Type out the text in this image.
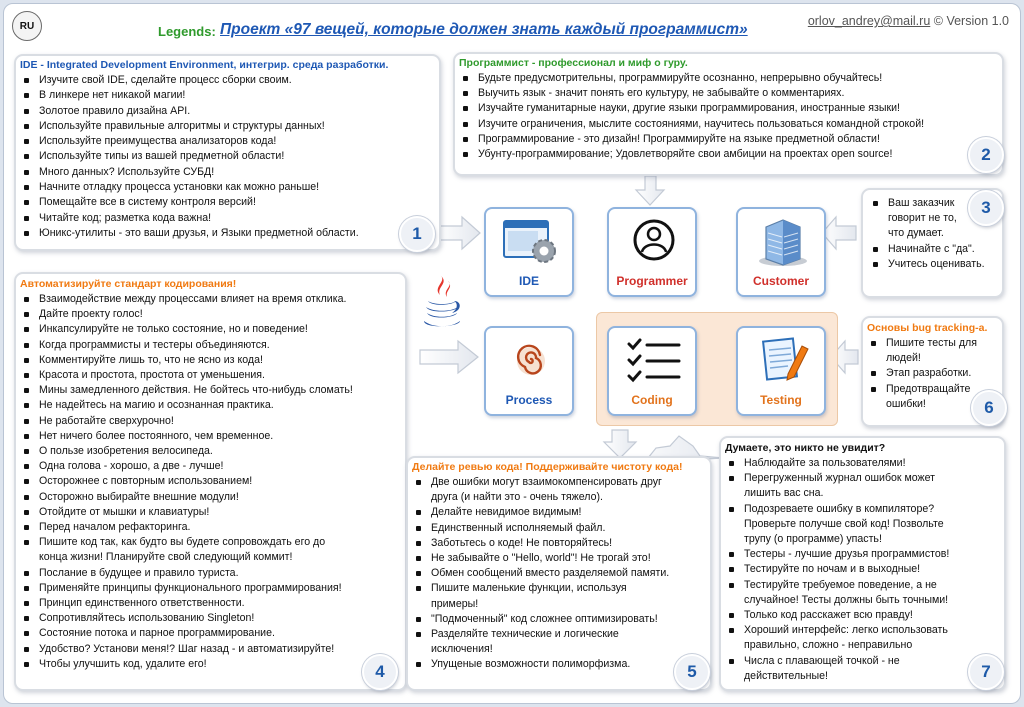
RU	Legends: Проект «97 вещей, которые должен знать каждый программист»	orlov_andrey@mail.ru © Version 1.0
IDE - Integrated Development Environment, интегрир. среда разработки.
Изучите свой IDE, сделайте процесс сборки своим.
В линкере нет никакой магии!
Золотое правило дизайна API.
Используйте правильные алгоритмы и структуры данных!
Используйте преимущества анализаторов кода!
Используйте типы из вашей предметной области!
Много данных? Используйте СУБД!
Начните отладку процесса установки как можно раньше!
Помещайте все в систему контроля версий!
Читайте код; разметка кода важна!
Юникс-утилиты - это ваши друзья, и Языки предметной области.	1
Программист - профессионал и миф о гуру.
Будьте предусмотрительны, программируйте осознанно, непрерывно обучайтесь!
Выучить язык - значит понять его культуру, не забывайте о комментариях.
Изучайте гуманитарные науки, другие языки программирования, иностранные языки!
Изучите ограничения, мыслите состояниями, научитесь пользоваться командной строкой!
Программирование - это дизайн! Программируйте на языке предметной области!
Убунту-программирование; Удовлетворяйте свои амбиции на проектах open source!	2
Ваш заказчик
говорит не то,
что думает.
Начинайте с "да".
Учитесь оценивать.
3
Автоматизируйте стандарт кодирования!
Взаимодействие между процессами влияет на время отклика.
Дайте проекту голос!
Инкапсулируйте не только состояние, но и поведение!
Когда программисты и тестеры объединяются.
Комментируйте лишь то, что не ясно из кода!
Красота и простота, простота от уменьшения.
Мины замедленного действия. Не бойтесь что-нибудь сломать!
Не надейтесь на магию и осознанная практика.
Не работайте сверхурочно!
Нет ничего более постоянного, чем временное.
О пользе изобретения велосипеда.
Одна голова - хорошо, а две - лучше!
Осторожнее с повторным использованием!
Осторожно выбирайте внешние модули!
Отойдите от мышки и клавиатуры!
Перед началом рефакторинга.
Пишите код так, как будто вы будете сопровождать его до
конца жизни! Планируйте свой следующий коммит!
Послание в будущее и правило туриста.
Применяйте принципы функционального программирования!
Принцип единственного ответственности.
Сопротивляйтесь использованию Singleton!
Состояние потока и парное программирование.
Удобство? Установи меня!? Шаг назад - и автоматизируйте!
Чтобы улучшить код, удалите его!	4
Делайте ревью кода! Поддерживайте чистоту кода!
Две ошибки могут взаимокомпенсировать друг
друга (и найти это - очень тяжело).
Делайте невидимое видимым!
Единственный исполняемый файл.
Заботьтесь о коде! Не повторяйтесь!
Не забывайте о "Hello, world"! Не трогай это!
Обмен сообщений вместо разделяемой памяти.
Пишите маленькие функции, используя
примеры!
"Подмоченный" код сложнее оптимизировать!
Разделяйте технические и логические
исключения!
Упущеные возможности полиморфизма.	5
Основы bug tracking-а.
Пишите тесты для
людей!
Этап разработки.
Предотвращайте
ошибки!	6
Думаете, это никто не увидит?
Наблюдайте за пользователями!
Перегруженный журнал ошибок может
лишить вас сна.
Подозреваете ошибку в компиляторе?
Проверьте получше свой код! Позвольте
трупу (о программе) упасть!
Тестеры - лучшие друзья программистов!
Тестируйте по ночам и в выходные!
Тестируйте требуемое поведение, а не
случайное! Тесты должны быть точными!
Только код расскажет всю правду!
Хороший интерфейс: легко использовать
правильно, сложно - неправильно
Числа с плавающей точкой - не
действительные!	7
IDE	Programmer	Customer
Process	Coding	Testing
